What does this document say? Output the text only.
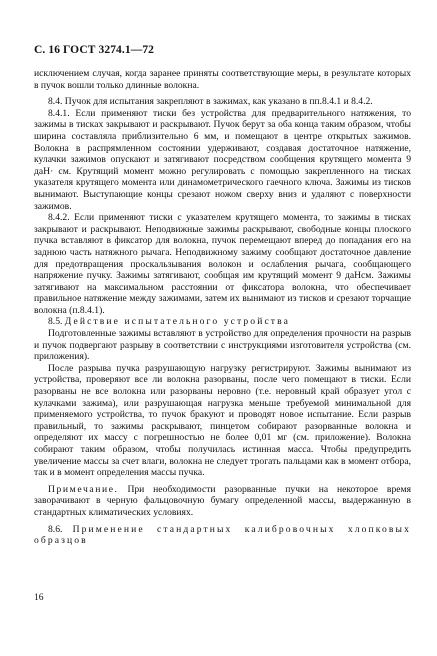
С. 16 ГОСТ 3274.1—72

исключением случая, когда заранее приняты соответствующие меры, в результате которых в пучок вошли только длинные волокна.

8.4. Пучок для испытания закрепляют в зажимах, как указано в пп.8.4.1 и 8.4.2.

8.4.1. Если применяют тиски без устройства для предварительного натяжения, то зажимы в тисках закрывают и раскрывают. Пучок берут за оба конца таким образом, чтобы ширина составляла приблизительно 6 мм, и помещают в центре открытых зажимов. Волокна в распрямленном состоянии удерживают, создавая достаточное натяжение, кулачки зажимов опускают и затягивают посредством сообщения крутящего момента 9 даН· см. Крутящий момент можно регулировать с помощью закрепленного на тисках указателя крутящего момента или динамометрического гаечного ключа. Зажимы из тисков вынимают. Выступающие концы срезают ножом сверху вниз и удаляют с поверхности зажимов.

8.4.2. Если применяют тиски с указателем крутящего момента, то зажимы в тисках закрывают и раскрывают. Неподвижные зажимы раскрывают, свободные концы плоского пучка вставляют в фиксатор для волокна, пучок перемещают вперед до попадания его на заднюю часть натяжного рычага. Неподвижному зажиму сообщают достаточное давление для предотвращения проскальзывания волокон и ослабления рычага, сообщающего напряжение пучку. Зажимы затягивают, сообщая им крутящий момент 9 даНсм. Зажимы затягивают на максимальном расстоянии от фиксатора волокна, что обеспечивает правильное натяжение между зажимами, затем их вынимают из тисков и срезают торчащие волокна (п.8.4.1).

8.5. Действие испытательного устройства

Подготовленные зажимы вставляют в устройство для определения прочности на разрыв и пучок подвергают разрыву в соответствии с инструкциями изготовителя устройства (см. приложения).

После разрыва пучка разрушающую нагрузку регистрируют. Зажимы вынимают из устройства, проверяют все ли волокна разорваны, после чего помещают в тиски. Если разорваны не все волокна или разорваны неровно (т.е. неровный край образует угол с кулачками зажима), или разрушающая нагрузка меньше требуемой минимальной для применяемого устройства, то пучок бракуют и проводят новое испытание. Если разрыв правильный, то зажимы раскрывают, пинцетом собирают разорванные волокна и определяют их массу с погрешностью не более 0,01 мг (см. приложение). Волокна собирают таким образом, чтобы получилась истинная масса. Чтобы предупредить увеличение массы за счет влаги, волокна не следует трогать пальцами как в момент отбора, так и в момент определения массы пучка.

Примечание. При необходимости разорванные пучки на некоторое время заворачивают в черную фальцовочную бумагу определенной массы, выдержанную в стандартных климатических условиях.

8.6. Применение стандартных калибровочных хлопковых образцов

16
